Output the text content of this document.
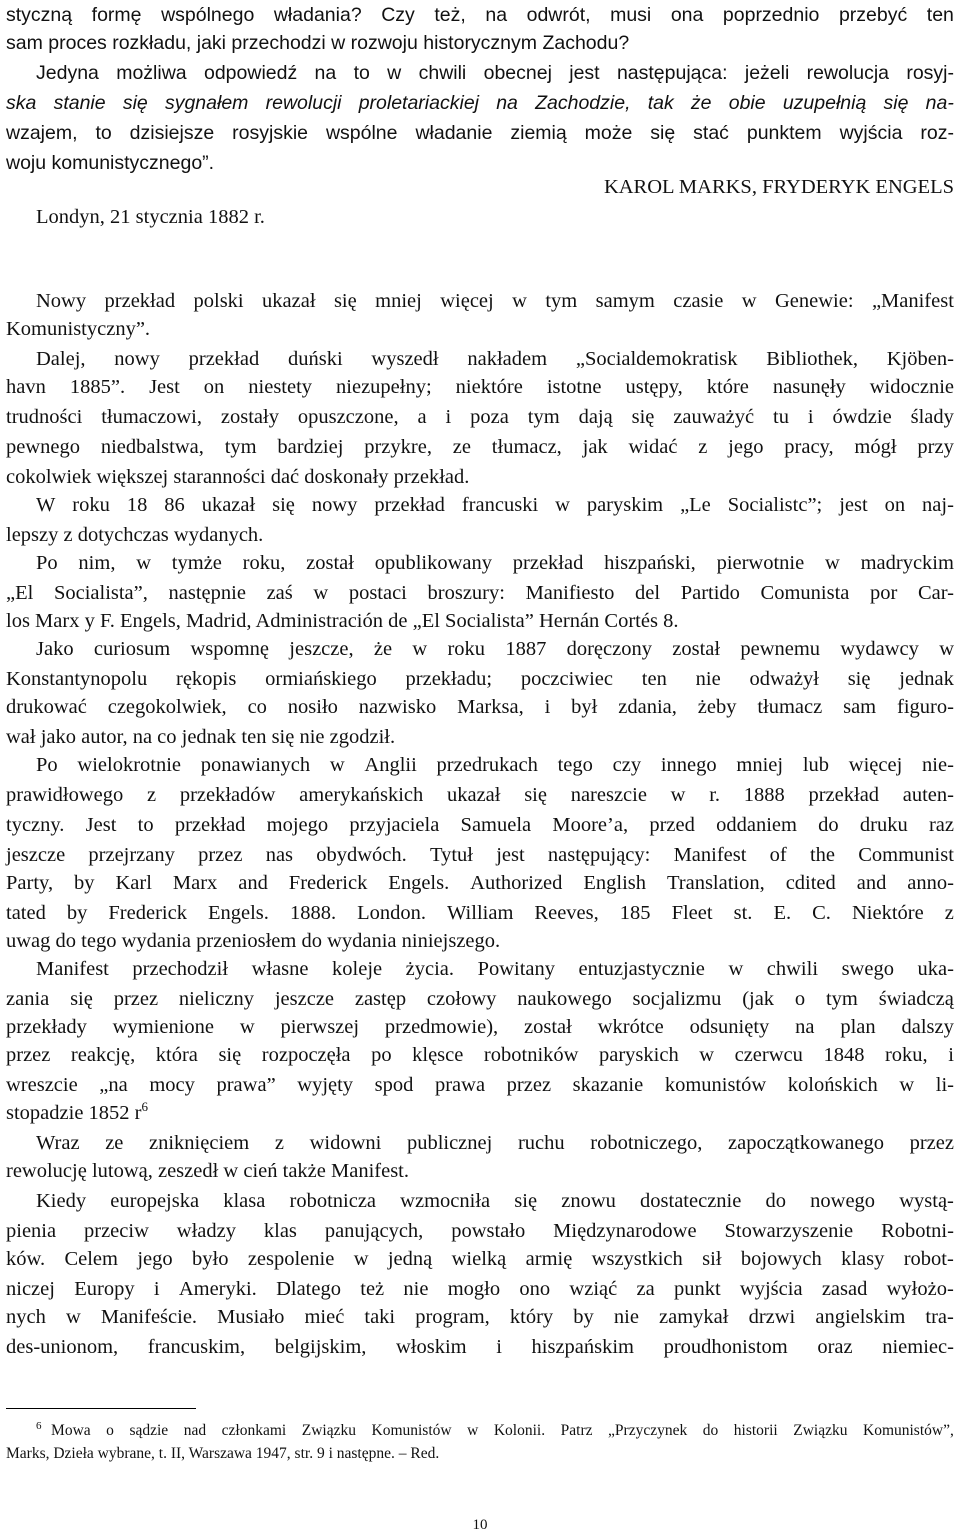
styczną formę wspólnego władania? Czy też, na odwrót, musi ona poprzednio przebyć ten
sam proces rozkładu, jaki przechodzi w rozwoju historycznym Zachodu?
Jedyna możliwa odpowiedź na to w chwili obecnej jest następująca: jeżeli rewolucja rosyj-
ska stanie się sygnałem rewolucji proletariackiej na Zachodzie, tak że obie uzupełnią się na-
wzajem, to dzisiejsze rosyjskie wspólne władanie ziemią może się stać punktem wyjścia roz-
woju komunistycznego”.
KAROL MARKS, FRYDERYK ENGELS
Londyn, 21 stycznia 1882 r.
Nowy przekład polski ukazał się mniej więcej w tym samym czasie w Genewie: „Manifest
Komunistyczny”.
Dalej, nowy przekład duński wyszedł nakładem „Socialdemokratisk Bibliothek, Kjöben-
havn 1885”. Jest on niestety niezupełny; niektóre istotne ustępy, które nasunęły widocznie
trudności tłumaczowi, zostały opuszczone, a i poza tym dają się zauważyć tu i ówdzie ślady
pewnego niedbalstwa, tym bardziej przykre, ze tłumacz, jak widać z jego pracy, mógł przy
cokolwiek większej staranności dać doskonały przekład.
W roku 18 86 ukazał się nowy przekład francuski w paryskim „Le Socialistc”; jest on naj-
lepszy z dotychczas wydanych.
Po nim, w tymże roku, został opublikowany przekład hiszpański, pierwotnie w madryckim
„El Socialista”, następnie zaś w postaci broszury: Manifiesto del Partido Comunista por Car-
los Marx y F. Engels, Madrid, Administración de „El Socialista” Hernán Cortés 8.
Jako curiosum wspomnę jeszcze, że w roku 1887 doręczony został pewnemu wydawcy w
Konstantynopolu rękopis ormiańskiego przekładu; poczciwiec ten nie odważył się jednak
drukować czegokolwiek, co nosiło nazwisko Marksa, i był zdania, żeby tłumacz sam figuro-
wał jako autor, na co jednak ten się nie zgodził.
Po wielokrotnie ponawianych w Anglii przedrukach tego czy innego mniej lub więcej nie-
prawidłowego z przekładów amerykańskich ukazał się nareszcie w r. 1888 przekład auten-
tyczny. Jest to przekład mojego przyjaciela Samuela Moore’a, przed oddaniem do druku raz
jeszcze przejrzany przez nas obydwóch. Tytuł jest następujący: Manifest of the Communist
Party, by Karl Marx and Frederick Engels. Authorized English Translation, cdited and anno-
tated by Frederick Engels. 1888. London. William Reeves, 185 Fleet st. E. C. Niektóre z
uwag do tego wydania przeniosłem do wydania niniejszego.
Manifest przechodził własne koleje życia. Powitany entuzjastycznie w chwili swego uka-
zania się przez nieliczny jeszcze zastęp czołowy naukowego socjalizmu (jak o tym świadczą
przekłady wymienione w pierwszej przedmowie), został wkrótce odsunięty na plan dalszy
przez reakcję, która się rozpoczęła po klęsce robotników paryskich w czerwcu 1848 roku, i
wreszcie „na mocy prawa” wyjęty spod prawa przez skazanie komunistów kolońskich w li-
stopadzie 1852 $r^6$
Wraz ze zniknięciem z widowni publicznej ruchu robotniczego, zapoczątkowanego przez
rewolucję lutową, zeszedł w cień także Manifest.
Kiedy europejska klasa robotnicza wzmocniła się znowu dostatecznie do nowego wystą-
pienia przeciw władzy klas panujących, powstało Międzynarodowe Stowarzyszenie Robotni-
ków. Celem jego było zespolenie w jedną wielką armię wszystkich sił bojowych klasy robot-
niczej Europy i Ameryki. Dlatego też nie mogło ono wziąć za punkt wyjścia zasad wyłożo-
nych w Manifeście. Musiało mieć taki program, który by nie zamykał drzwi angielskim tra-
des-unionom, francuskim, belgijskim, włoskim i hiszpańskim proudhonistom oraz niemiec-
$^6$ Mowa o sądzie nad członkami Związku Komunistów w Kolonii. Patrz „Przyczynek do historii Związku Komunistów”,
Marks, Dzieła wybrane, t. II, Warszawa 1947, str. 9 i następne. – Red.
10
